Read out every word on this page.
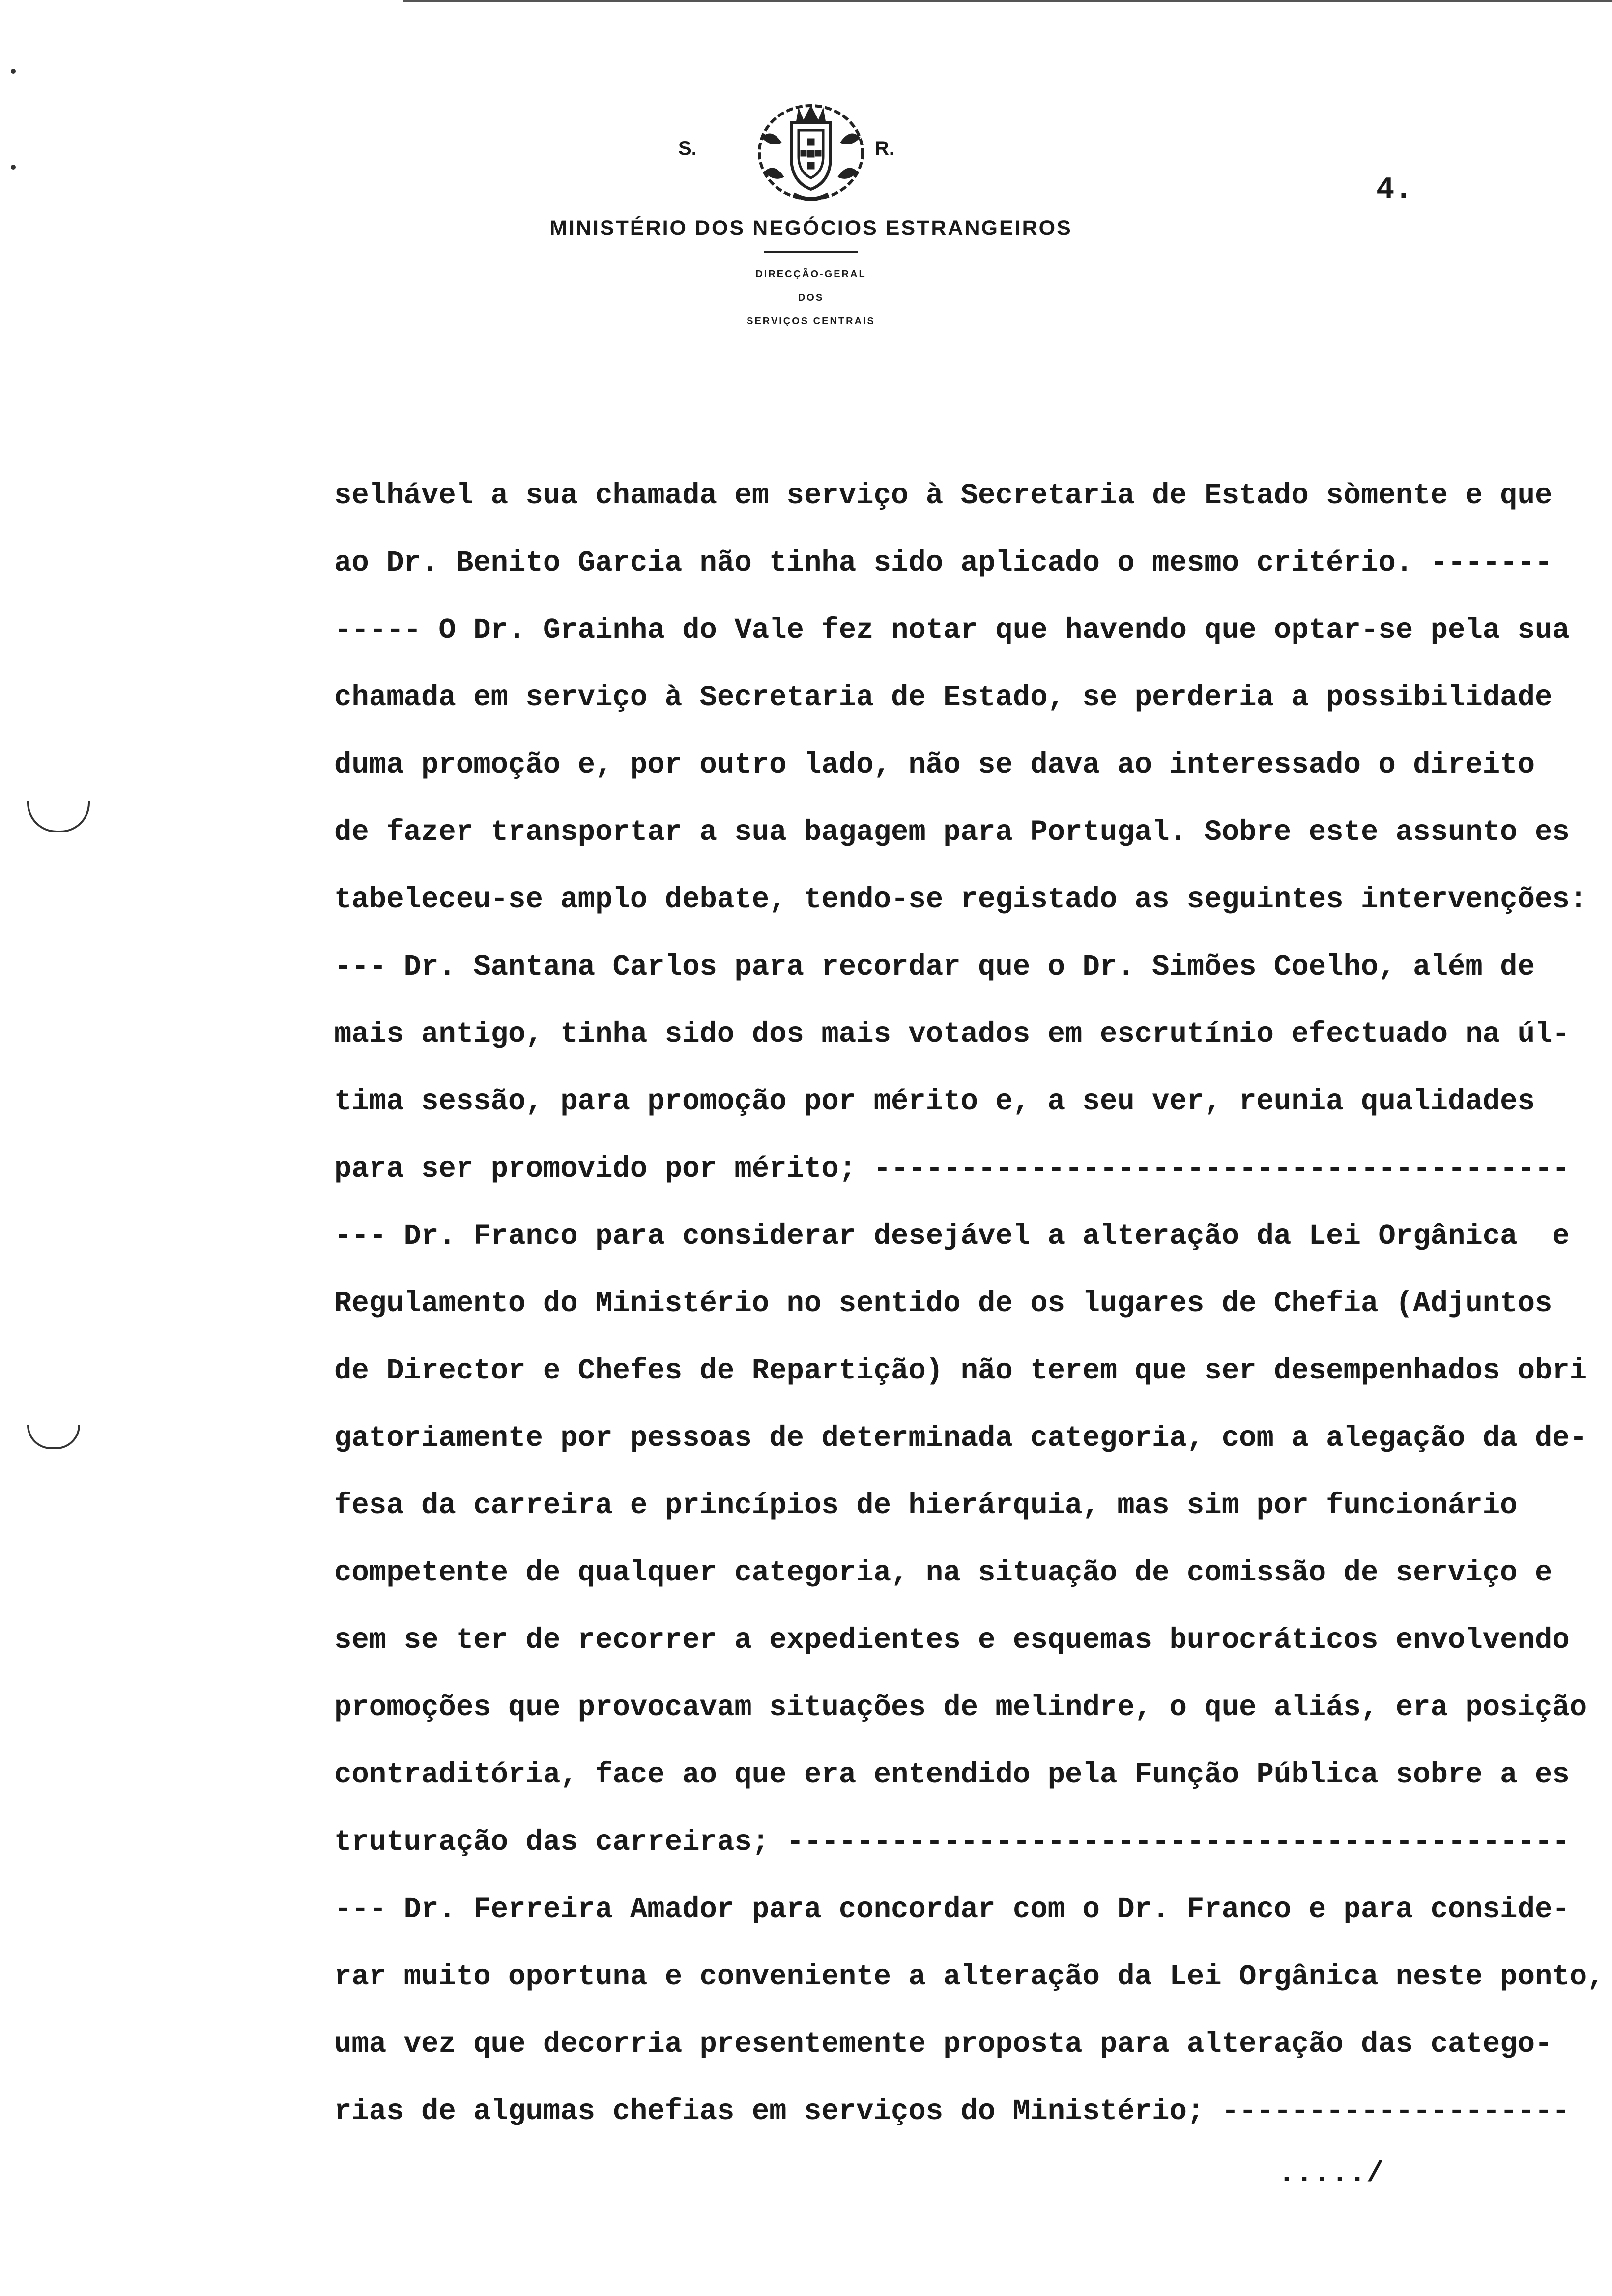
S.	R.
MINISTÉRIO DOS NEGÓCIOS ESTRANGEIROS
DIRECÇÃO-GERAL
DOS
SERVIÇOS CENTRAIS
4.
selhável a sua chamada em serviço à Secretaria de Estado sòmente e que
ao Dr. Benito Garcia não tinha sido aplicado o mesmo critério. -------
----- O Dr. Grainha do Vale fez notar que havendo que optar-se pela sua
chamada em serviço à Secretaria de Estado, se perderia a possibilidade
duma promoção e, por outro lado, não se dava ao interessado o direito
de fazer transportar a sua bagagem para Portugal. Sobre este assunto es
tabeleceu-se amplo debate, tendo-se registado as seguintes intervenções:
--- Dr. Santana Carlos para recordar que o Dr. Simões Coelho, além de
mais antigo, tinha sido dos mais votados em escrutínio efectuado na úl-
tima sessão, para promoção por mérito e, a seu ver, reunia qualidades
para ser promovido por mérito; ----------------------------------------
--- Dr. Franco para considerar desejável a alteração da Lei Orgânica  e
Regulamento do Ministério no sentido de os lugares de Chefia (Adjuntos
de Director e Chefes de Repartição) não terem que ser desempenhados obri
gatoriamente por pessoas de determinada categoria, com a alegação da de-
fesa da carreira e princípios de hierárquia, mas sim por funcionário
competente de qualquer categoria, na situação de comissão de serviço e
sem se ter de recorrer a expedientes e esquemas burocráticos envolvendo
promoções que provocavam situações de melindre, o que aliás, era posição
contraditória, face ao que era entendido pela Função Pública sobre a es
truturação das carreiras; ---------------------------------------------
--- Dr. Ferreira Amador para concordar com o Dr. Franco e para conside-
rar muito oportuna e conveniente a alteração da Lei Orgânica neste ponto,
uma vez que decorria presentemente proposta para alteração das catego-
rias de algumas chefias em serviços do Ministério; --------------------
...../
